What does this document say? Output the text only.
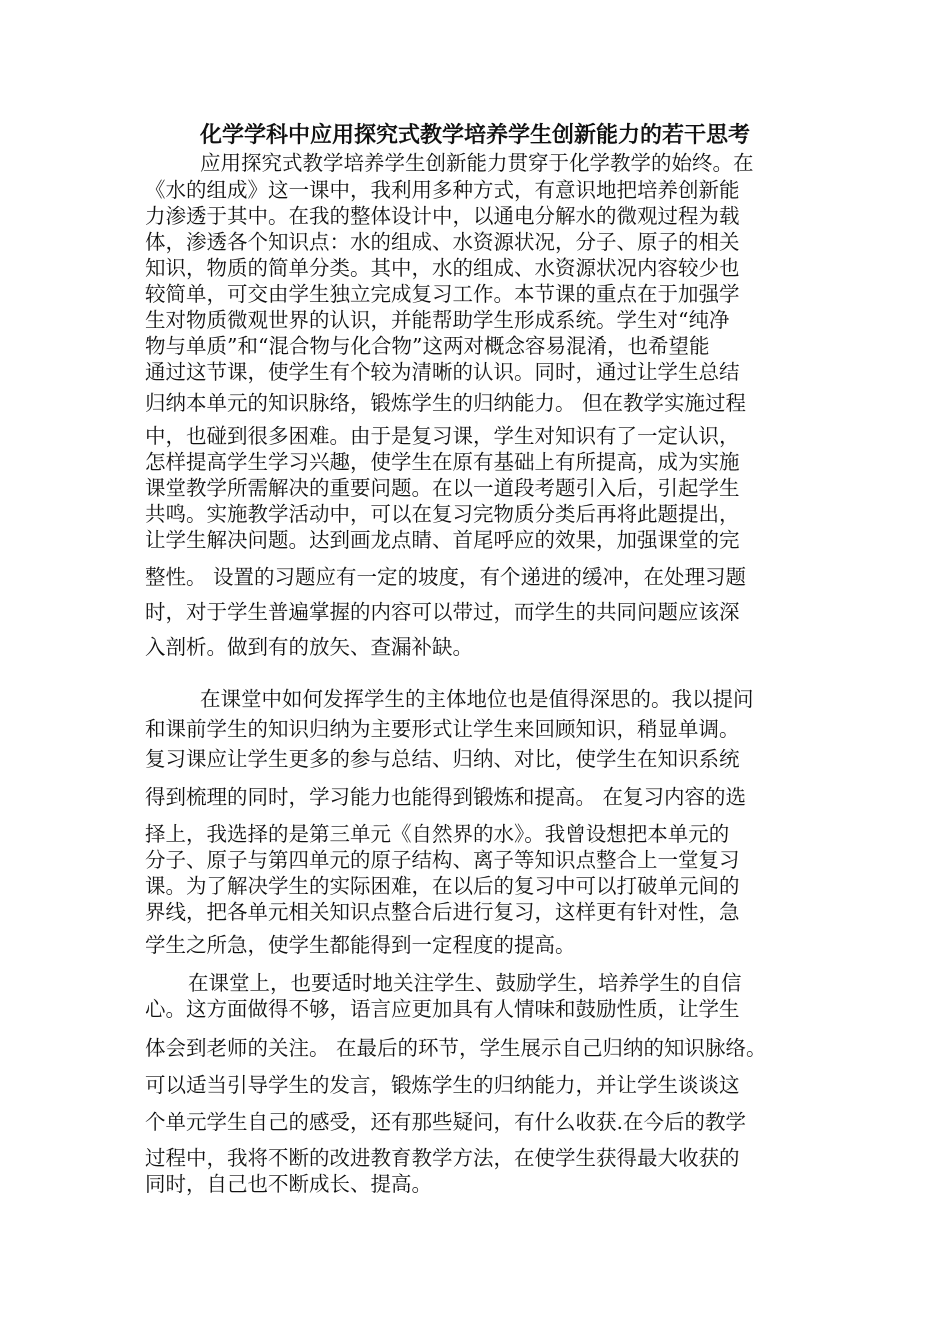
化学学科中应用探究式教学培养学生创新能力的若干思考
应用探究式教学培养学生创新能力贯穿于化学教学的始终。在
《水的组成》这一课中，我利用多种方式，有意识地把培养创新能
力渗透于其中。在我的整体设计中，以通电分解水的微观过程为载
体，渗透各个知识点：水的组成、水资源状况，分子、原子的相关
知识，物质的简单分类。其中，水的组成、水资源状况内容较少也
较简单，可交由学生独立完成复习工作。本节课的重点在于加强学
生对物质微观世界的认识，并能帮助学生形成系统。学生对“纯净
物与单质”和“混合物与化合物”这两对概念容易混淆，也希望能
通过这节课，使学生有个较为清晰的认识。同时，通过让学生总结
归纳本单元的知识脉络，锻炼学生的归纳能力。 但在教学实施过程
中，也碰到很多困难。由于是复习课，学生对知识有了一定认识，
怎样提高学生学习兴趣，使学生在原有基础上有所提高，成为实施
课堂教学所需解决的重要问题。在以一道段考题引入后，引起学生
共鸣。实施教学活动中，可以在复习完物质分类后再将此题提出，
让学生解决问题。达到画龙点睛、首尾呼应的效果，加强课堂的完
整性。 设置的习题应有一定的坡度，有个递进的缓冲，在处理习题
时，对于学生普遍掌握的内容可以带过，而学生的共同问题应该深
入剖析。做到有的放矢、查漏补缺。
在课堂中如何发挥学生的主体地位也是值得深思的。我以提问
和课前学生的知识归纳为主要形式让学生来回顾知识，稍显单调。
复习课应让学生更多的参与总结、归纳、对比，使学生在知识系统
得到梳理的同时，学习能力也能得到锻炼和提高。 在复习内容的选
择上，我选择的是第三单元《自然界的水》。我曾设想把本单元的
分子、原子与第四单元的原子结构、离子等知识点整合上一堂复习
课。为了解决学生的实际困难，在以后的复习中可以打破单元间的
界线，把各单元相关知识点整合后进行复习，这样更有针对性，急
学生之所急，使学生都能得到一定程度的提高。
在课堂上，也要适时地关注学生、鼓励学生，培养学生的自信
心。这方面做得不够，语言应更加具有人情味和鼓励性质，让学生
体会到老师的关注。 在最后的环节，学生展示自己归纳的知识脉络。
可以适当引导学生的发言，锻炼学生的归纳能力，并让学生谈谈这
个单元学生自己的感受，还有那些疑问，有什么收获.在今后的教学
过程中，我将不断的改进教育教学方法，在使学生获得最大收获的
同时，自己也不断成长、提高。
